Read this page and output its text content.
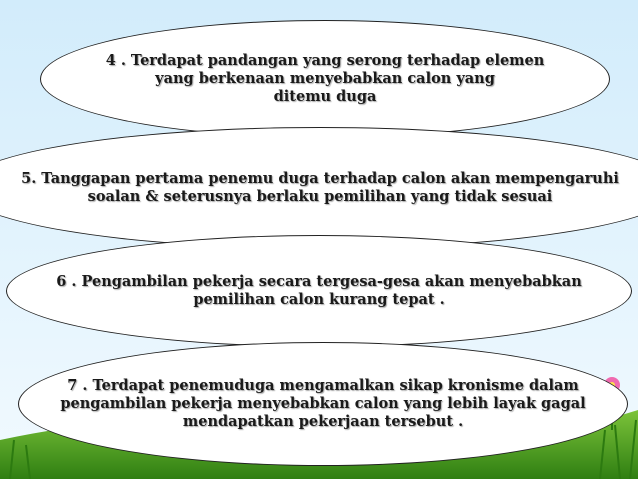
4 . Terdapat pandangan yang serong terhadap elemen
yang berkenaan menyebabkan calon yang
ditemu duga

5. Tanggapan pertama penemu duga terhadap calon akan mempengaruhi
soalan & seterusnya berlaku pemilihan yang tidak sesuai

6 . Pengambilan pekerja secara tergesa-gesa akan menyebabkan
pemilihan calon kurang tepat .

7 . Terdapat penemuduga mengamalkan sikap kronisme dalam
pengambilan pekerja menyebabkan calon yang lebih layak gagal
mendapatkan pekerjaan tersebut .
